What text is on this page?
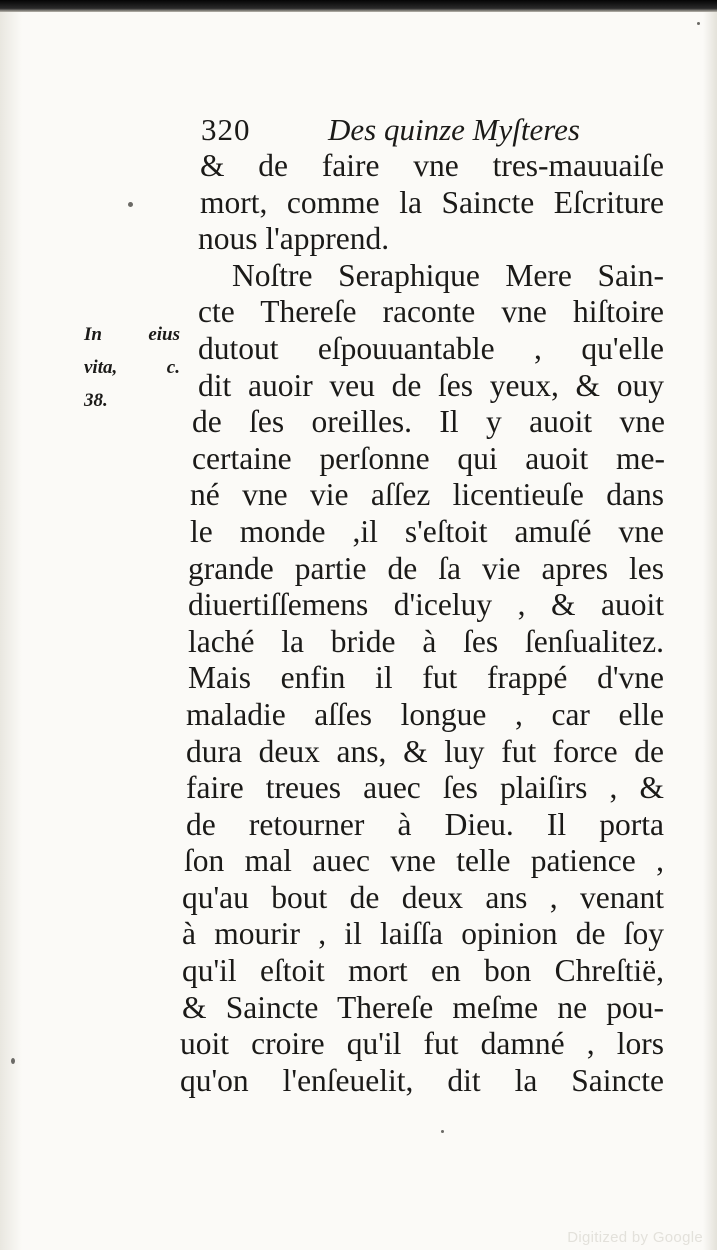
320	Des quinze Myſteres
In eius
vita, c.
38.
& de faire vne tres-mauuaiſe
mort, comme la Saincte Eſcriture
nous l'apprend.
Noſtre Seraphique Mere Sain-
cte Thereſe raconte vne hiſtoire
dutout eſpouuantable , qu'elle
dit auoir veu de ſes yeux, & ouy
de ſes oreilles. Il y auoit vne
certaine perſonne qui auoit me-
né vne vie aſſez licentieuſe dans
le monde ,il s'eſtoit amuſé vne
grande partie de ſa vie apres les
diuertiſſemens d'iceluy , & auoit
laché la bride à ſes ſenſualitez.
Mais enfin il fut frappé d'vne
maladie aſſes longue , car elle
dura deux ans, & luy fut force de
faire treues auec ſes plaiſirs , &
de retourner à Dieu. Il porta
ſon mal auec vne telle patience ,
qu'au bout de deux ans , venant
à mourir , il laiſſa opinion de ſoy
qu'il eſtoit mort en bon Chreſtië,
& Saincte Thereſe meſme ne pou-
uoit croire qu'il fut damné , lors
qu'on l'enſeuelit, dit la Saincte
Digitized by Google
